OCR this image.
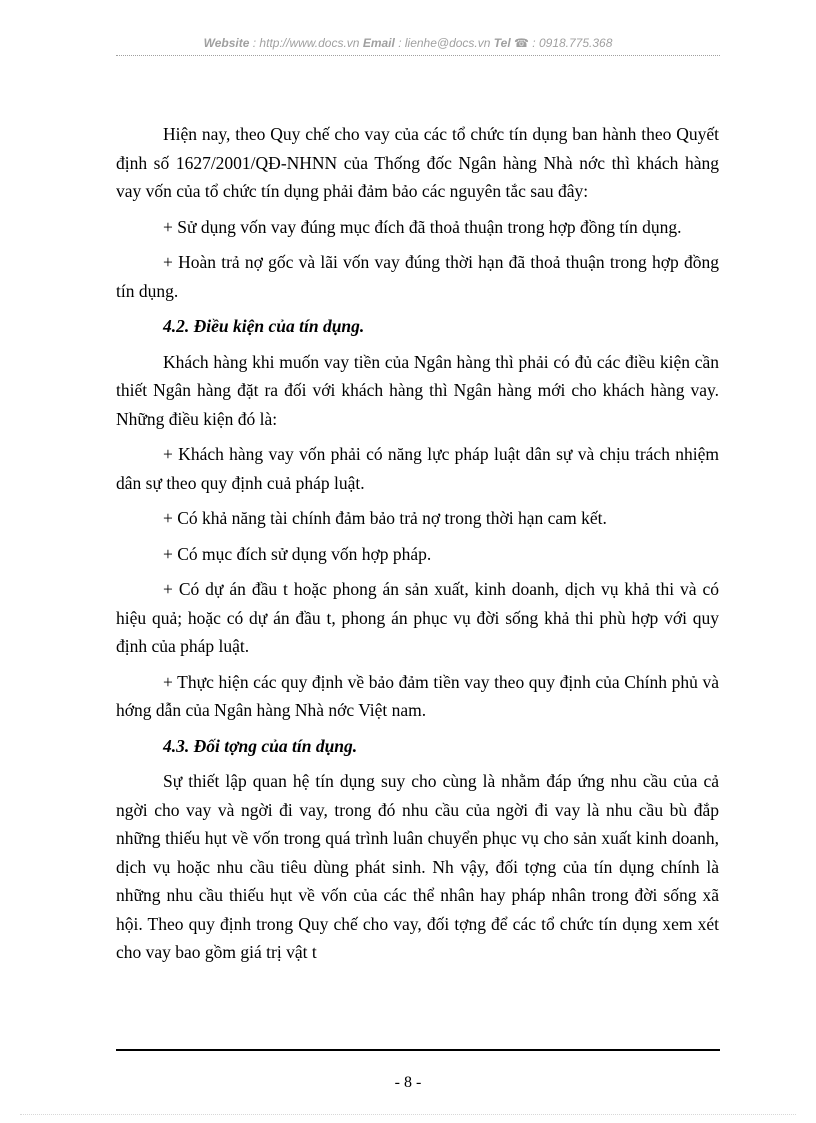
Website : http://www.docs.vn Email : lienhe@docs.vn Tel ☎ : 0918.775.368

Hiện nay, theo Quy chế cho vay của các tổ chức tín dụng ban hành theo Quyết định số 1627/2001/QĐ-NHNN của Thống đốc Ngân hàng Nhà nớc thì khách hàng vay vốn của tổ chức tín dụng phải đảm bảo các nguyên tắc sau đây:

+ Sử dụng vốn vay đúng mục đích đã thoả thuận trong hợp đồng tín dụng.

+ Hoàn trả nợ gốc và lãi vốn vay đúng thời hạn đã thoả thuận trong hợp đồng tín dụng.

4.2. Điều kiện của tín dụng.

Khách hàng khi muốn vay tiền của Ngân hàng thì phải có đủ các điều kiện cần thiết Ngân hàng đặt ra đối với khách hàng thì Ngân hàng mới cho khách hàng vay. Những điều kiện đó là:

+ Khách hàng vay vốn phải có năng lực pháp luật dân sự và chịu trách nhiệm dân sự theo quy định cuả pháp luật.

+ Có khả năng tài chính đảm bảo trả nợ trong thời hạn cam kết.

+ Có mục đích sử dụng vốn hợp pháp.

+ Có dự án đầu t hoặc phong án sản xuất, kinh doanh, dịch vụ khả thi và có hiệu quả; hoặc có dự án đầu t, phong án phục vụ đời sống khả thi phù hợp với quy định của pháp luật.

+ Thực hiện các quy định về bảo đảm tiền vay theo quy định của Chính phủ và hớng dẫn của Ngân hàng Nhà nớc Việt nam.

4.3. Đối tợng của tín dụng.

Sự thiết lập quan hệ tín dụng suy cho cùng là nhằm đáp ứng nhu cầu của cả ngời cho vay và ngời đi vay, trong đó nhu cầu của ngời đi vay là nhu cầu bù đắp những thiếu hụt về vốn trong quá trình luân chuyển phục vụ cho sản xuất kinh doanh, dịch vụ hoặc nhu cầu tiêu dùng phát sinh. Nh vậy, đối tợng của tín dụng chính là những nhu cầu thiếu hụt về vốn của các thể nhân hay pháp nhân trong đời sống xã hội. Theo quy định trong Quy chế cho vay, đối tợng để các tổ chức tín dụng xem xét cho vay bao gồm giá trị vật t

- 8 -
